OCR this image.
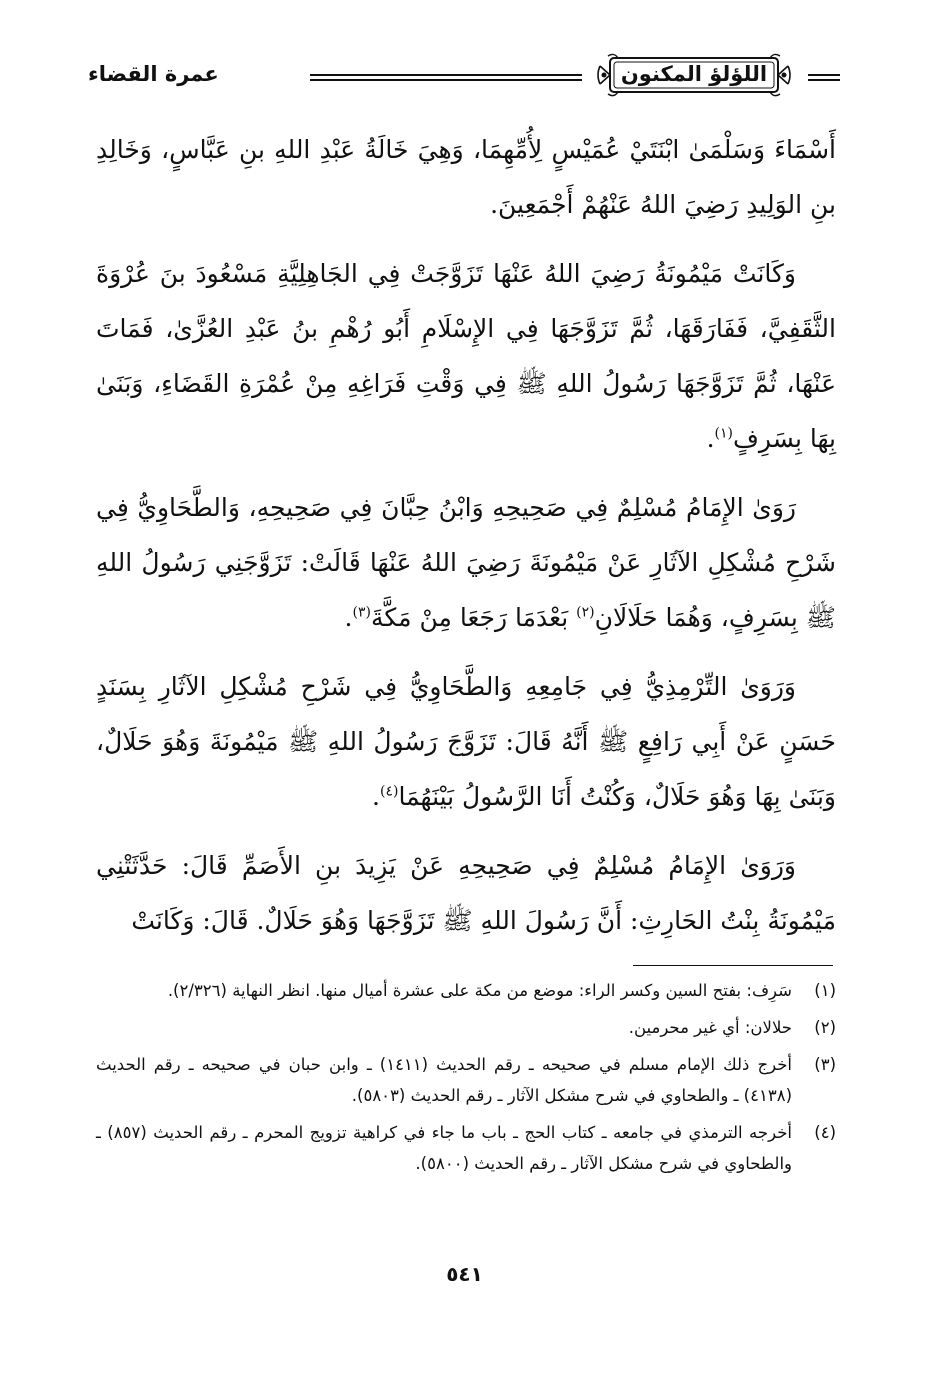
اللؤلؤ المكنون
عمرة القضاء

أَسْمَاءَ وَسَلْمَىٰ ابْنَتَيْ عُمَيْسٍ لِأُمِّهِمَا، وَهِيَ خَالَةُ عَبْدِ اللهِ بنِ عَبَّاسٍ، وَخَالِدِ بنِ الوَلِيدِ رَضِيَ اللهُ عَنْهُمْ أَجْمَعِينَ.

وَكَانَتْ مَيْمُونَةُ رَضِيَ اللهُ عَنْهَا تَزَوَّجَتْ فِي الجَاهِلِيَّةِ مَسْعُودَ بنَ عُرْوَةَ الثَّقَفِيَّ، فَفَارَقَهَا، ثُمَّ تَزَوَّجَهَا فِي الإِسْلَامِ أَبُو رُهْمِ بنُ عَبْدِ العُزَّىٰ، فَمَاتَ عَنْهَا، ثُمَّ تَزَوَّجَهَا رَسُولُ اللهِ ﷺ فِي وَقْتِ فَرَاغِهِ مِنْ عُمْرَةِ القَضَاءِ، وَبَنَىٰ بِهَا بِسَرِفٍ$^{(١)}$.

رَوَىٰ الإِمَامُ مُسْلِمٌ فِي صَحِيحِهِ وَابْنُ حِبَّانَ فِي صَحِيحِهِ، وَالطَّحَاوِيُّ فِي شَرْحِ مُشْكِلِ الآثَارِ عَنْ مَيْمُونَةَ رَضِيَ اللهُ عَنْهَا قَالَتْ: تَزَوَّجَنِي رَسُولُ اللهِ ﷺ بِسَرِفٍ، وَهُمَا حَلَالَانِ$^{(٢)}$ بَعْدَمَا رَجَعَا مِنْ مَكَّةَ$^{(٣)}$.

وَرَوَىٰ التِّرْمِذِيُّ فِي جَامِعِهِ وَالطَّحَاوِيُّ فِي شَرْحِ مُشْكِلِ الآثَارِ بِسَنَدٍ حَسَنٍ عَنْ أَبِي رَافِعٍ ﷺ أَنَّهُ قَالَ: تَزَوَّجَ رَسُولُ اللهِ ﷺ مَيْمُونَةَ وَهُوَ حَلَالٌ، وَبَنَىٰ بِهَا وَهُوَ حَلَالٌ، وَكُنْتُ أَنَا الرَّسُولُ بَيْنَهُمَا$^{(٤)}$.

وَرَوَىٰ الإِمَامُ مُسْلِمٌ فِي صَحِيحِهِ عَنْ يَزِيدَ بنِ الأَصَمِّ قَالَ: حَدَّثَتْنِي مَيْمُونَةُ بِنْتُ الحَارِثِ: أَنَّ رَسُولَ اللهِ ﷺ تَزَوَّجَهَا وَهُوَ حَلَالٌ. قَالَ: وَكَانَتْ

(١)
سَرِف: بفتح السين وكسر الراء: موضع من مكة على عشرة أميال منها. انظر النهاية (٢/٣٢٦).
(٢)
حلالان: أي غير محرمين.
(٣)
أخرج ذلك الإمام مسلم في صحيحه ـ رقم الحديث (١٤١١) ـ وابن حبان في صحيحه ـ رقم الحديث (٤١٣٨) ـ والطحاوي في شرح مشكل الآثار ـ رقم الحديث (٥٨٠٣).
(٤)
أخرجه الترمذي في جامعه ـ كتاب الحج ـ باب ما جاء في كراهية تزويج المحرم ـ رقم الحديث (٨٥٧) ـ والطحاوي في شرح مشكل الآثار ـ رقم الحديث (٥٨٠٠).
٥٤١
